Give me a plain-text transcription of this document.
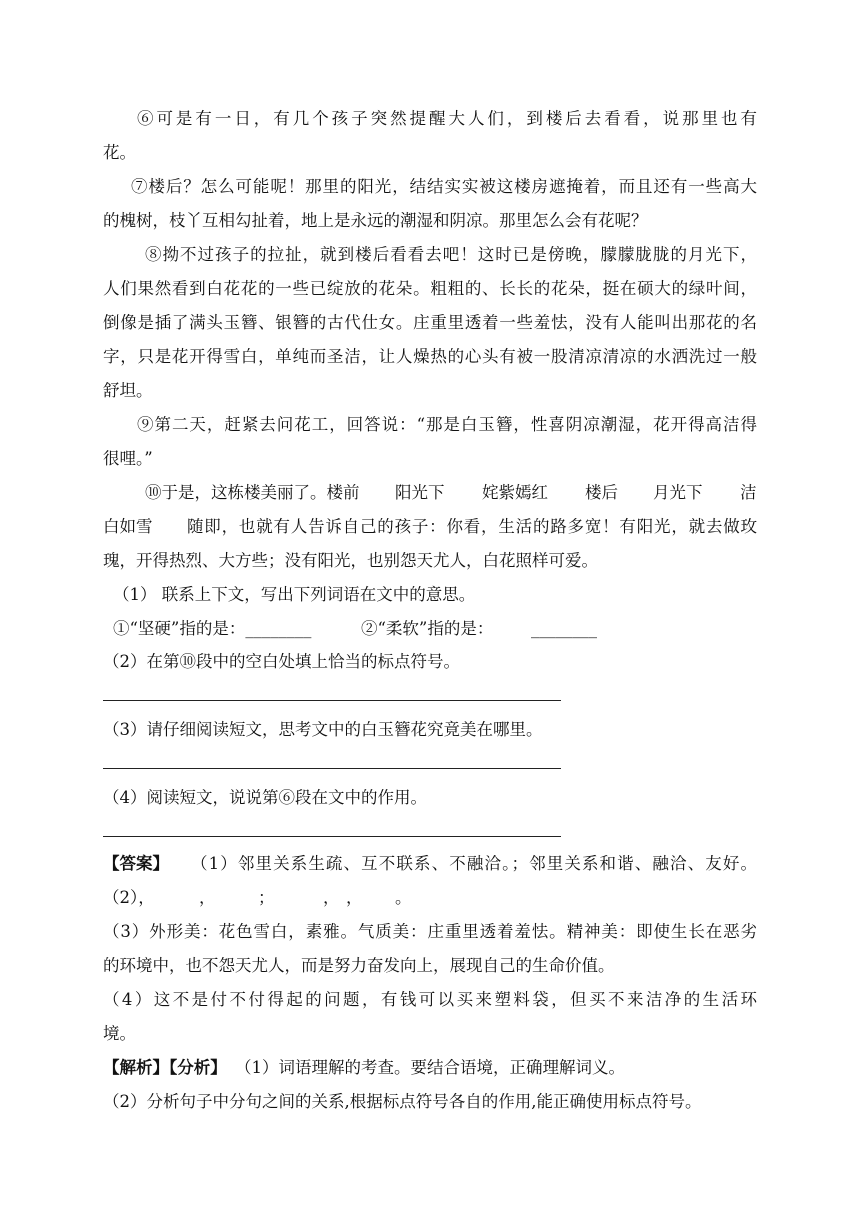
⑥可是有一日，有几个孩子突然提醒大人们，到楼后去看看，说那里也有
花。
⑦楼后？怎么可能呢！那里的阳光，结结实实被这楼房遮掩着，而且还有一些高大
的槐树，枝丫互相勾扯着，地上是永远的潮湿和阴凉。那里怎么会有花呢？
⑧拗不过孩子的拉扯，就到楼后看看去吧！这时已是傍晚，朦朦胧胧的月光下，
人们果然看到白花花的一些已绽放的花朵。粗粗的、长长的花朵，挺在硕大的绿叶间，
倒像是插了满头玉簪、银簪的古代仕女。庄重里透着一些羞怯，没有人能叫出那花的名
字，只是花开得雪白，单纯而圣洁，让人燥热的心头有被一股清凉清凉的水洒洗过一般
舒坦。
⑨第二天，赶紧去问花工，回答说：“那是白玉簪，性喜阴凉潮湿，花开得高洁得
很哩。”
⑩于是，这栋楼美丽了。楼前 阳光下 姹紫嫣红 楼后 月光下 洁
白如雪 随即，也就有人告诉自己的孩子：你看，生活的路多宽！有阳光，就去做玫
瑰，开得热烈、大方些；没有阳光，也别怨天尤人，白花照样可爱。
（1） 联系上下文，写出下列词语在文中的意思。
①“坚硬”指的是：________	②“柔软”指的是： ________
（2）在第⑩段中的空白处填上恰当的标点符号。
（3）请仔细阅读短文，思考文中的白玉簪花究竟美在哪里。
（4）阅读短文，说说第⑥段在文中的作用。
【答案】 （1）邻里关系生疏、互不联系、不融洽。；邻里关系和谐、融洽、友好。
（2），	，	；	， ， 。
（3）外形美：花色雪白，素雅。气质美：庄重里透着羞怯。精神美：即使生长在恶劣
的环境中，也不怨天尤人，而是努力奋发向上，展现自己的生命价值。
（4）这不是付不付得起的问题，有钱可以买来塑料袋，但买不来洁净的生活环
境。
【解析】【分析】 （1）词语理解的考查。要结合语境，正确理解词义。
（2）分析句子中分句之间的关系,根据标点符号各自的作用,能正确使用标点符号。
